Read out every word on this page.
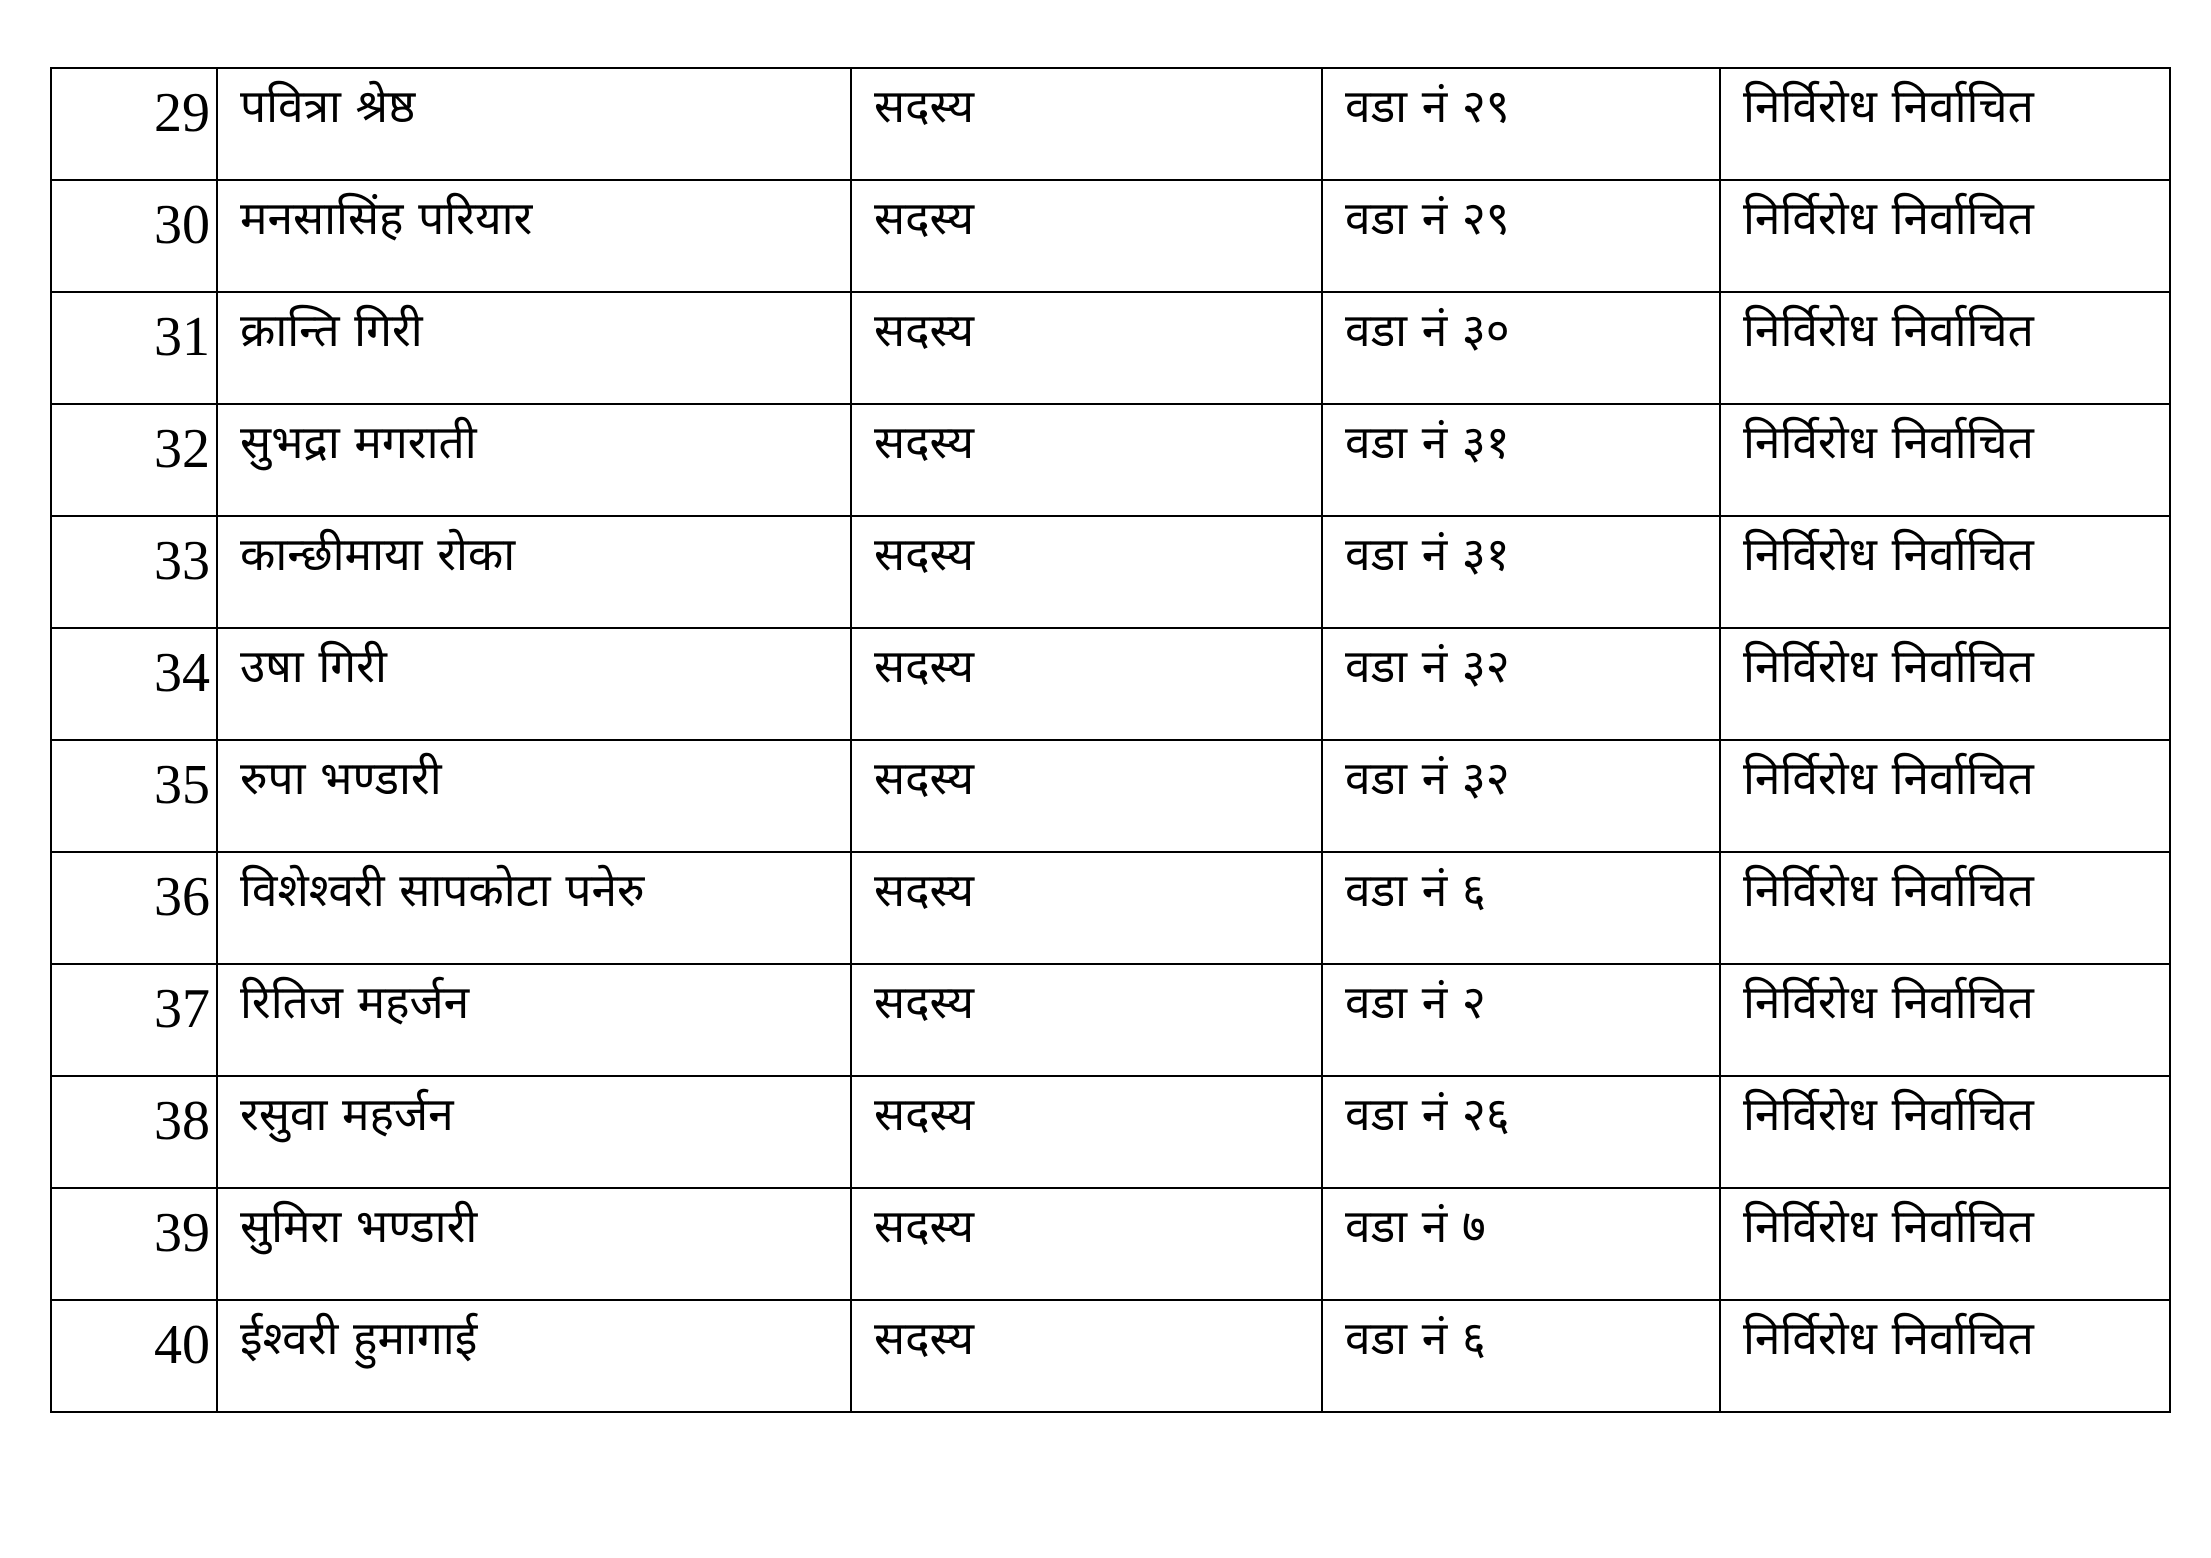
29	पवित्रा श्रेष्ठ	सदस्य	वडा नं २९	निर्विरोध निर्वाचित
30	मनसासिंह परियार	सदस्य	वडा नं २९	निर्विरोध निर्वाचित
31	क्रान्ति गिरी	सदस्य	वडा नं ३०	निर्विरोध निर्वाचित
32	सुभद्रा मगराती	सदस्य	वडा नं ३१	निर्विरोध निर्वाचित
33	कान्छीमाया रोका	सदस्य	वडा नं ३१	निर्विरोध निर्वाचित
34	उषा गिरी	सदस्य	वडा नं ३२	निर्विरोध निर्वाचित
35	रुपा भण्डारी	सदस्य	वडा नं ३२	निर्विरोध निर्वाचित
36	विशेश्वरी सापकोटा पनेरु	सदस्य	वडा नं ६	निर्विरोध निर्वाचित
37	रितिज महर्जन	सदस्य	वडा नं २	निर्विरोध निर्वाचित
38	रसुवा महर्जन	सदस्य	वडा नं २६	निर्विरोध निर्वाचित
39	सुमिरा भण्डारी	सदस्य	वडा नं ७	निर्विरोध निर्वाचित
40	ईश्वरी हुमागाई	सदस्य	वडा नं ६	निर्विरोध निर्वाचित
